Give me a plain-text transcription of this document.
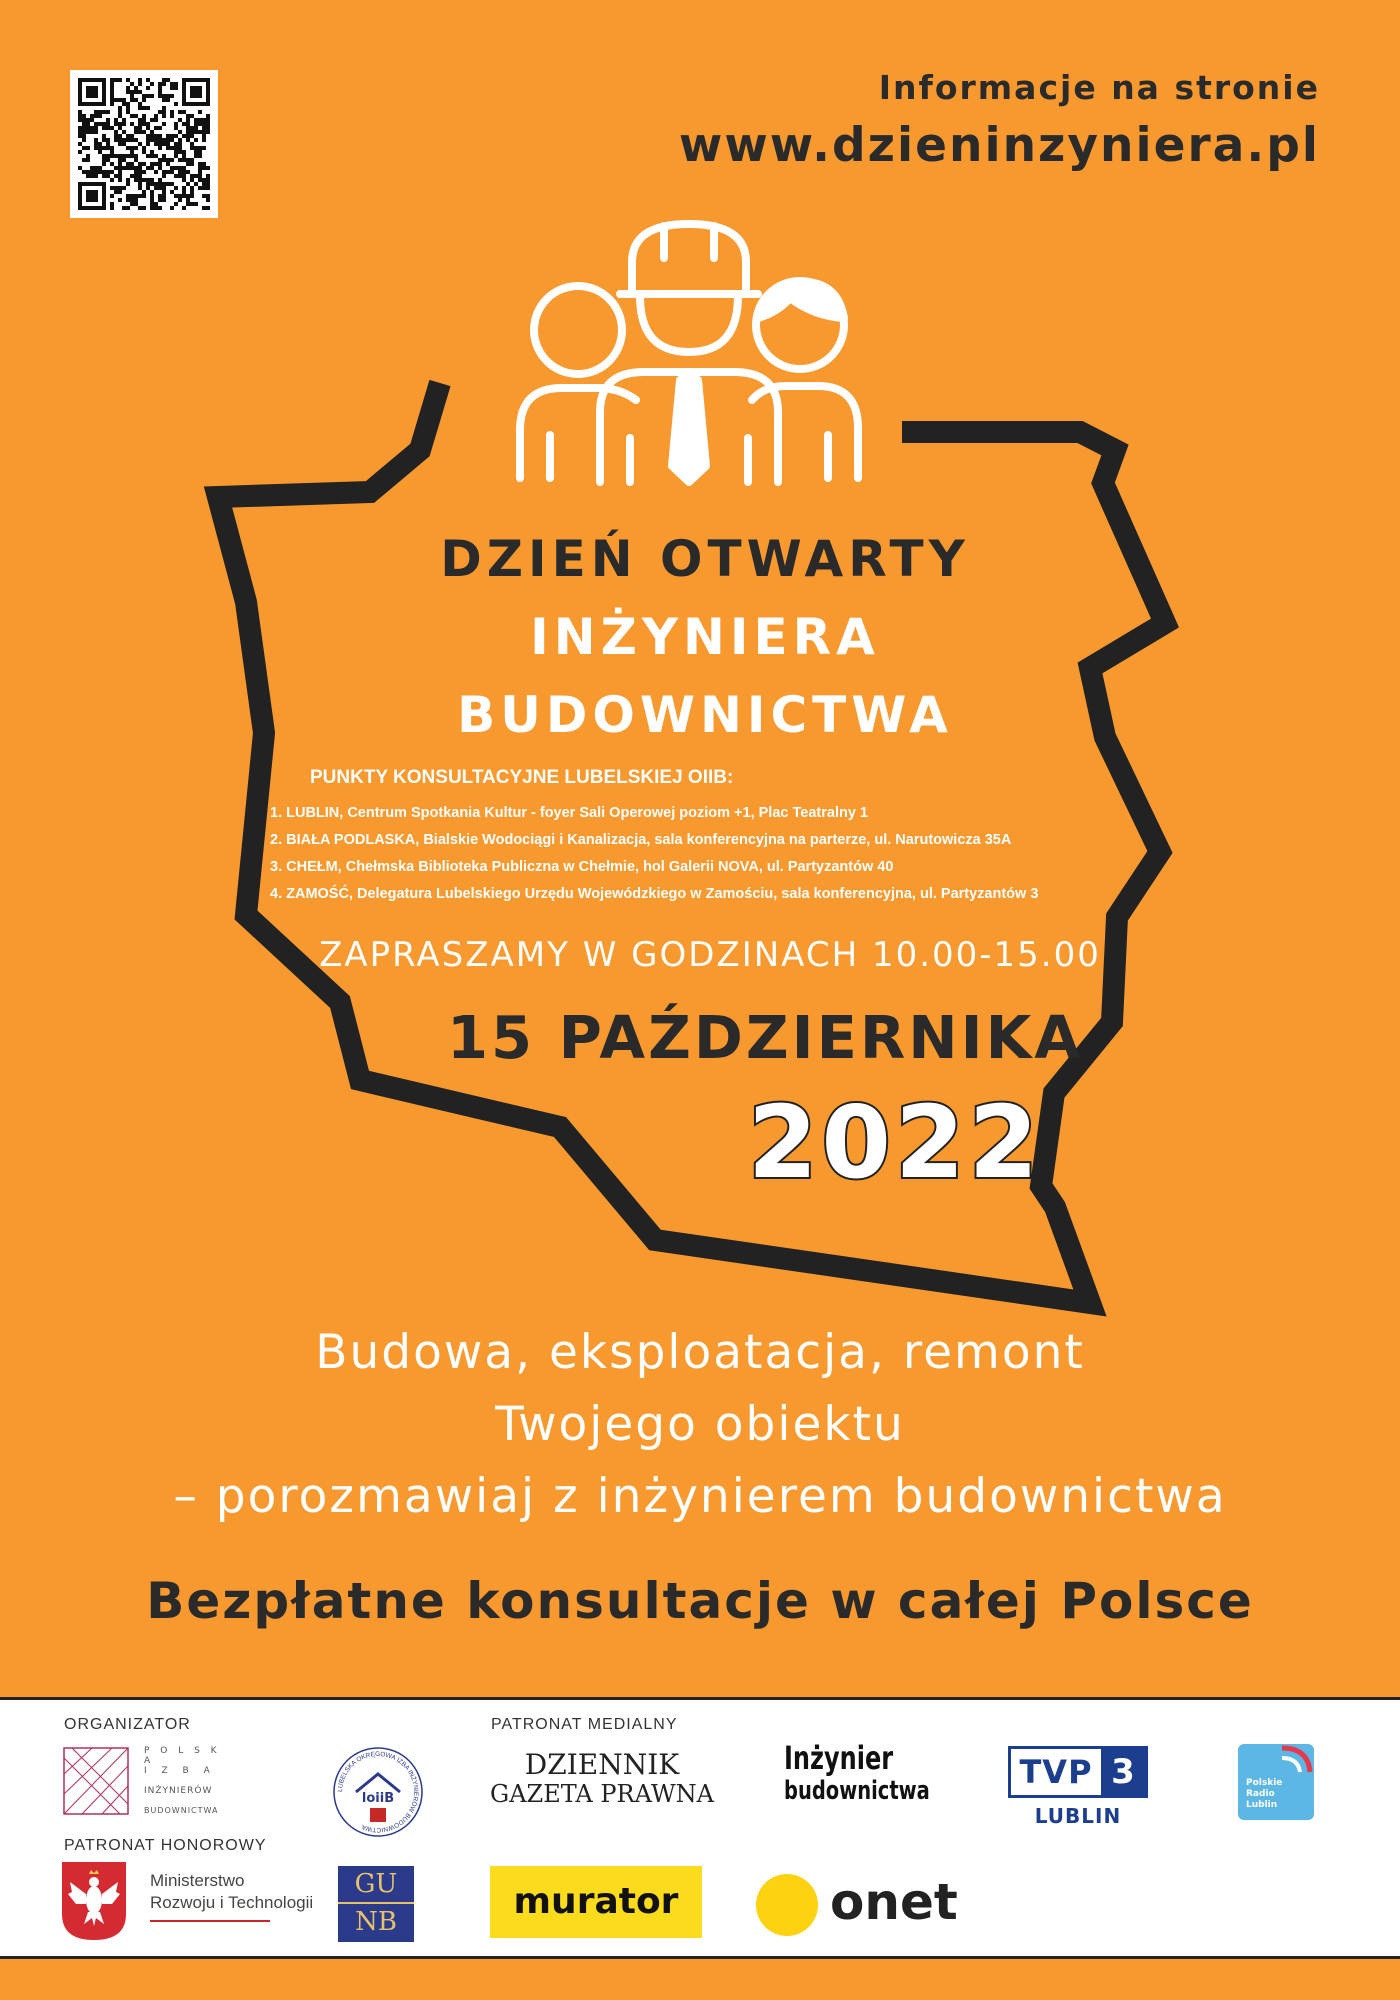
Informacje na stronie
www.dzieninzyniera.pl
DZIEŃ OTWARTY
INŻYNIERA
BUDOWNICTWA
PUNKTY KONSULTACYJNE LUBELSKIEJ OIIB:
1. LUBLIN, Centrum Spotkania Kultur - foyer Sali Operowej poziom +1, Plac Teatralny 1
2. BIAŁA PODLASKA, Bialskie Wodociągi i Kanalizacja, sala konferencyjna na parterze, ul. Narutowicza 35A
3. CHEŁM, Chełmska Biblioteka Publiczna w Chełmie, hol Galerii NOVA, ul. Partyzantów 40
4. ZAMOŚĆ, Delegatura Lubelskiego Urzędu Wojewódzkiego w Zamościu, sala konferencyjna, ul. Partyzantów 3
ZAPRASZAMY W GODZINACH 10.00-15.00
15 PAŹDZIERNIKA
2022
Budowa, eksploatacja, remont
Twojego obiektu
– porozmawiaj z inżynierem budownictwa
Bezpłatne konsultacje w całej Polsce
ORGANIZATOR	PATRONAT MEDIALNY
PATRONAT HONOROWY
P O L S K A
I Z B A
INŻYNIERÓW
BUDOWNICTWA
LUBELSKA OKRĘGOWA IZBA INŻYNIERÓW BUDOWNICTWA
loiiB
DZIENNIK
GAZETA PRAWNA
Inżynier
budownictwa	TVP 3
LUBLIN
Polskie
Radio
Lublin
Ministerstwo
Rozwoju i Technologii
GU
NB	murator	onet
